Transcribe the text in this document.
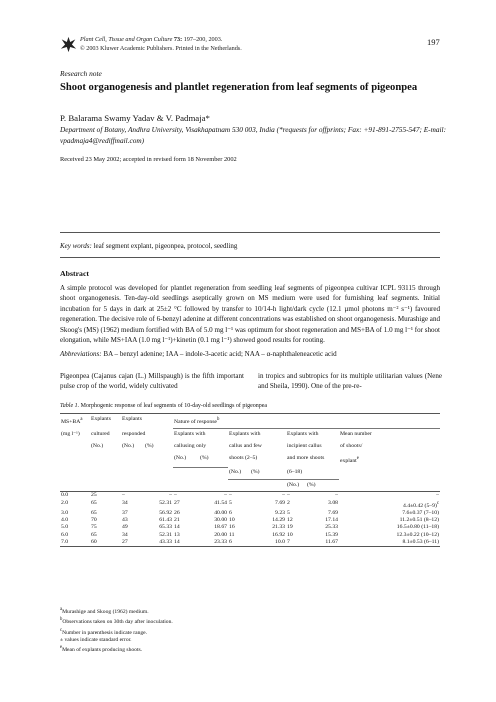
Plant Cell, Tissue and Organ Culture 73: 197–200, 2003.
© 2003 Kluwer Academic Publishers. Printed in the Netherlands.
197
Research note
Shoot organogenesis and plantlet regeneration from leaf segments of pigeonpea
P. Balarama Swamy Yadav & V. Padmaja*
Department of Botany, Andhra University, Visakhapatnam 530 003, India (*requests for offprints; Fax: +91-891-2755-547; E-mail: vpadmaja4@rediffmail.com)
Received 23 May 2002; accepted in revised form 18 November 2002
Key words: leaf segment explant, pigeonpea, protocol, seedling
Abstract
A simple protocol was developed for plantlet regeneration from seedling leaf segments of pigeonpea cultivar ICPL 93115 through shoot organogenesis. Ten-day-old seedlings aseptically grown on MS medium were used for furnishing leaf segments. Initial incubation for 5 days in dark at 25±2 °C followed by transfer to 10/14-h light/dark cycle (12.1 µmol photons m⁻² s⁻¹) favoured regeneration. The decisive role of 6-benzyl adenine at different concentrations was established on shoot organogenesis. Murashige and Skoog's (MS) (1962) medium fortified with BA of 5.0 mg l⁻¹ was optimum for shoot regeneration and MS+BA of 1.0 mg l⁻¹ for shoot elongation, while MS+IAA (1.0 mg l⁻¹)+kinetin (0.1 mg l⁻¹) showed good results for rooting.
Abbreviations: BA – benzyl adenine; IAA – indole-3-acetic acid; NAA – α-naphthaleneacetic acid
Pigeonpea (Cajanus cajan (L.) Millspaugh) is the fifth important pulse crop of the world, widely cultivated
in tropics and subtropics for its multiple utilitarian values (Nene and Sheila, 1990). One of the pre-re-
Table 1. Morphogenic response of leaf segments of 10-day-old seedlings of pigeonpea
$MS+BA^a$	Explants	Explants		Nature of response$^b$
(mg l⁻¹)	cultured	responded		Explants with		Explants with		Explants with		Mean number
	(No.)	(No.)	(%)	callusing only		callus and few		incipient callus		of shoots/
				(No.)	(%)	shoots (2–5)		and more shoots		explant$^e$
						(No.)	(%)	(6–18)		
								(No.)	(%)	
0.0	25	–	–	–	–	–	–	–	–	–
2.0	65	34	52.31	27	41.54	5	7.69	2	3.08	4.4±0.42 $(5-9)^c$
3.0	65	37	56.92	26	40.00	6	9.23	5	7.69	7.6±0.37 (7–10)
4.0	70	43	61.43	21	30.00	10	14.29	12	17.14	11.2±0.51 (8–12)
5.0	75	49	65.33	14	18.67	16	21.33	19	25.33	16.5±0.80 (11–18)
6.0	65	34	52.31	13	20.00	11	16.92	10	15.39	12.3±0.22 (10–12)
7.0	60	27	43.33	14	23.33	6	10.0	7	11.67	8.1±0.53 (6–11)
$^a$Murashige and Skoog (1962) medium.
$^b$Observations taken on 30th day after inoculation.
$^c$Number in parenthesis indicate range.
± values indicate standard error.
$^e$Mean of explants producing shoots.
